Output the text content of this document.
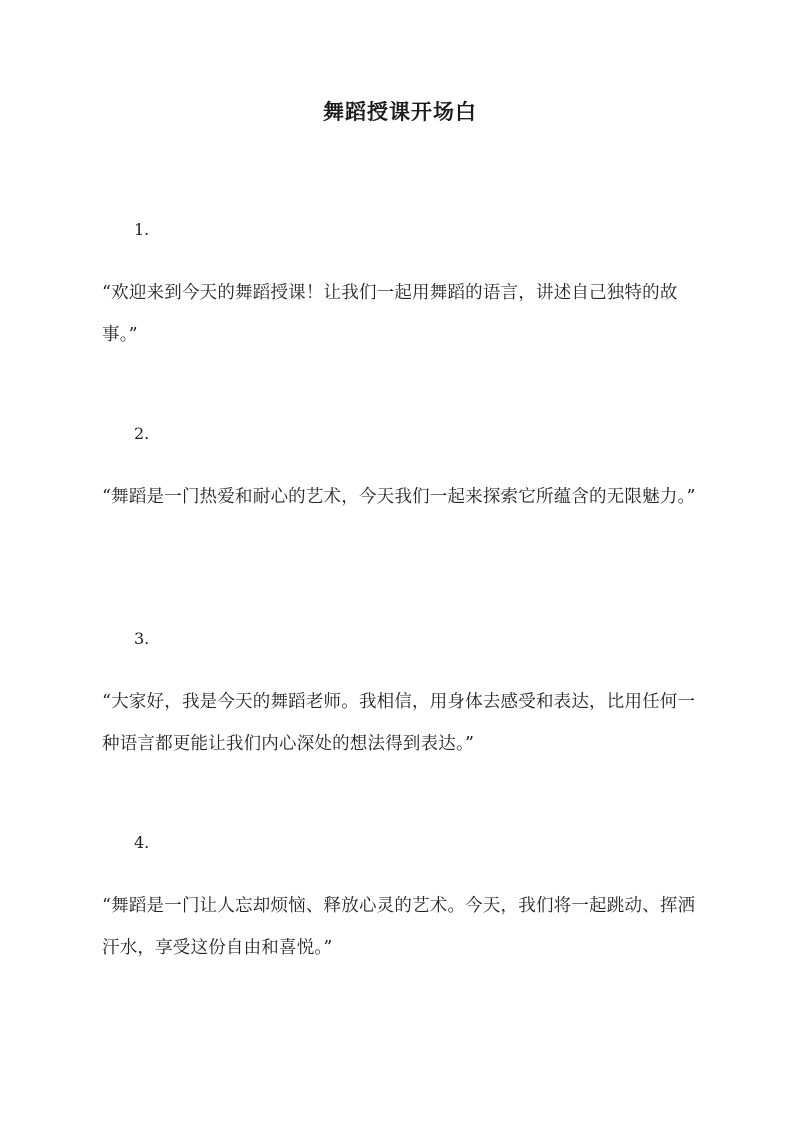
舞蹈授课开场白
1.
“欢迎来到今天的舞蹈授课！让我们一起用舞蹈的语言，讲述自己独特的故事。”
2.
“舞蹈是一门热爱和耐心的艺术，今天我们一起来探索它所蕴含的无限魅力。”
3.
“大家好，我是今天的舞蹈老师。我相信，用身体去感受和表达，比用任何一种语言都更能让我们内心深处的想法得到表达。”
4.
“舞蹈是一门让人忘却烦恼、释放心灵的艺术。今天，我们将一起跳动、挥洒汗水，享受这份自由和喜悦。”
